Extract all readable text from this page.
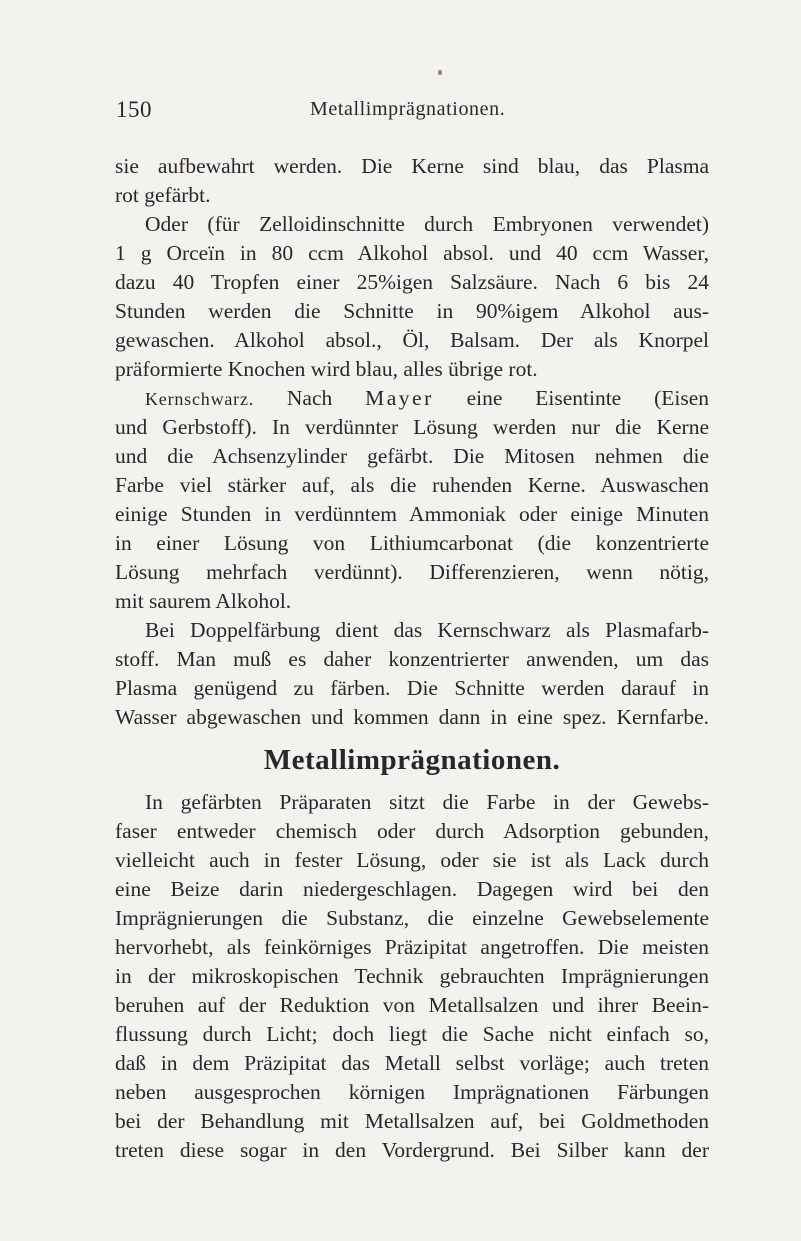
150	Metallimprägnationen.
sie aufbewahrt werden. Die Kerne sind blau, das Plasma
rot gefärbt.
Oder (für Zelloidinschnitte durch Embryonen verwendet)
1 g Orceïn in 80 ccm Alkohol absol. und 40 ccm Wasser,
dazu 40 Tropfen einer 25%igen Salzsäure. Nach 6 bis 24
Stunden werden die Schnitte in 90%igem Alkohol aus-
gewaschen. Alkohol absol., Öl, Balsam. Der als Knorpel
präformierte Knochen wird blau, alles übrige rot.
Kernschwarz. Nach Mayer eine Eisentinte (Eisen
und Gerbstoff). In verdünnter Lösung werden nur die Kerne
und die Achsenzylinder gefärbt. Die Mitosen nehmen die
Farbe viel stärker auf, als die ruhenden Kerne. Auswaschen
einige Stunden in verdünntem Ammoniak oder einige Minuten
in einer Lösung von Lithiumcarbonat (die konzentrierte
Lösung mehrfach verdünnt). Differenzieren, wenn nötig,
mit saurem Alkohol.
Bei Doppelfärbung dient das Kernschwarz als Plasmafarb-
stoff. Man muß es daher konzentrierter anwenden, um das
Plasma genügend zu färben. Die Schnitte werden darauf in
Wasser abgewaschen und kommen dann in eine spez. Kernfarbe.
Metallimprägnationen.
In gefärbten Präparaten sitzt die Farbe in der Gewebs-
faser entweder chemisch oder durch Adsorption gebunden,
vielleicht auch in fester Lösung, oder sie ist als Lack durch
eine Beize darin niedergeschlagen. Dagegen wird bei den
Imprägnierungen die Substanz, die einzelne Gewebselemente
hervorhebt, als feinkörniges Präzipitat angetroffen. Die meisten
in der mikroskopischen Technik gebrauchten Imprägnierungen
beruhen auf der Reduktion von Metallsalzen und ihrer Beein-
flussung durch Licht; doch liegt die Sache nicht einfach so,
daß in dem Präzipitat das Metall selbst vorläge; auch treten
neben ausgesprochen körnigen Imprägnationen Färbungen
bei der Behandlung mit Metallsalzen auf, bei Goldmethoden
treten diese sogar in den Vordergrund. Bei Silber kann der
